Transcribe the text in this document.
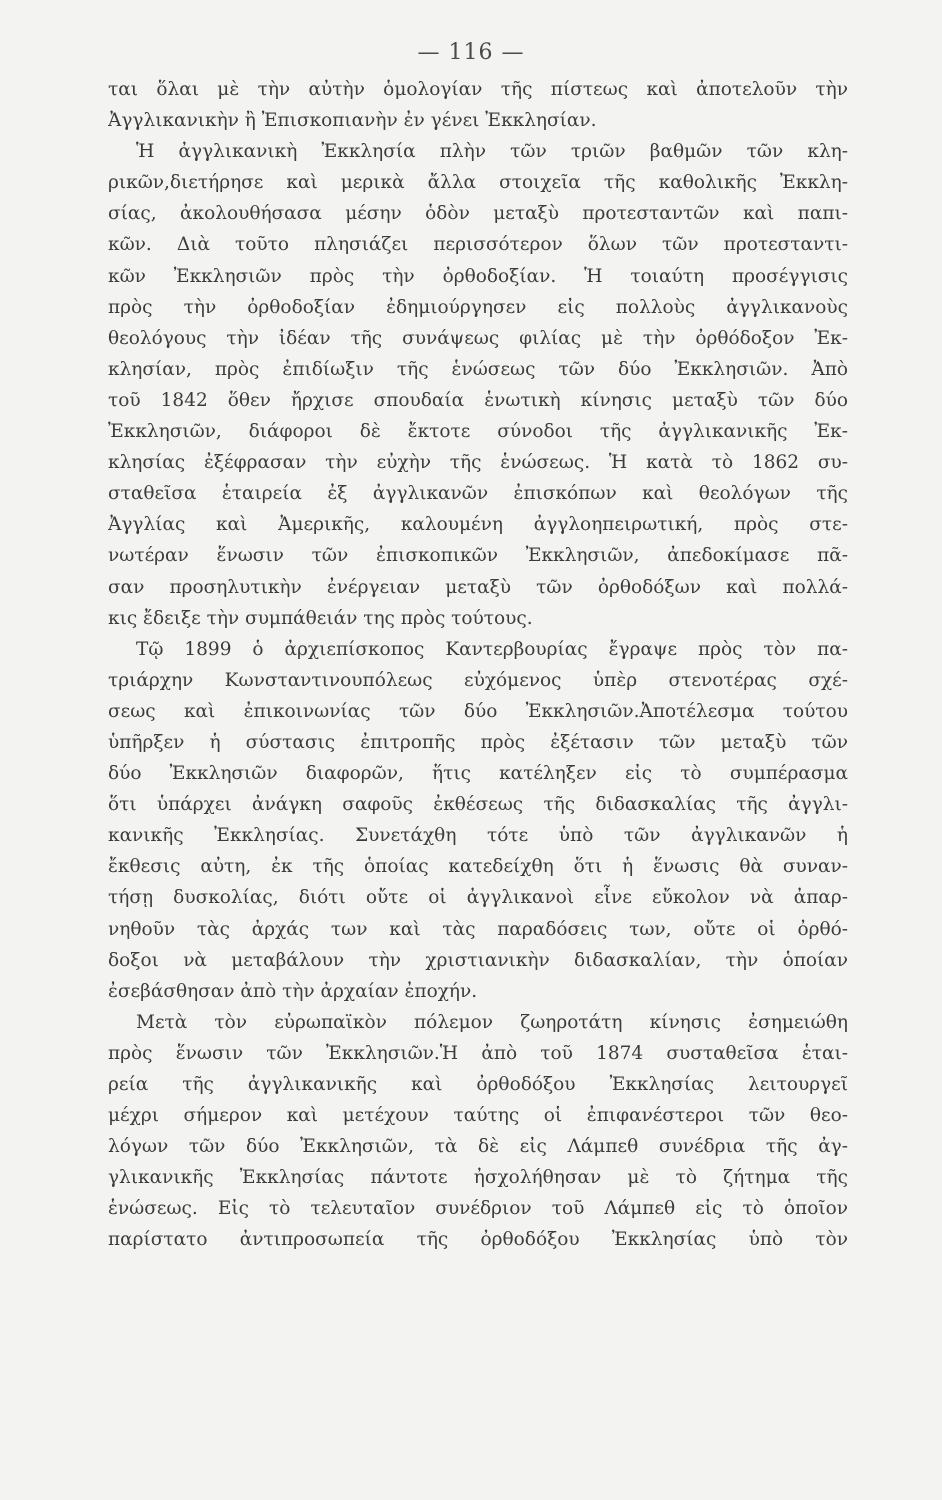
— 116 —
ται ὅλαι μὲ τὴν αὐτὴν ὁμολογίαν τῆς πίστεως καὶ ἀποτελοῦν τὴν
Ἀγγλικανικὴν ἢ Ἐπισκοπιανὴν ἐν γένει Ἐκκλησίαν.
Ἡ ἀγγλικανικὴ Ἐκκλησία πλὴν τῶν τριῶν βαθμῶν τῶν κλη-
ρικῶν,διετήρησε καὶ μερικὰ ἄλλα στοιχεῖα τῆς καθολικῆς Ἐκκλη-
σίας, ἀκολουθήσασα μέσην ὁδὸν μεταξὺ προτεσταντῶν καὶ παπι-
κῶν. Διὰ τοῦτο πλησιάζει περισσότερον ὅλων τῶν προτεσταντι-
κῶν Ἐκκλησιῶν πρὸς τὴν ὀρθοδοξίαν. Ἡ τοιαύτη προσέγγισις
πρὸς τὴν ὀρθοδοξίαν ἐδημιούργησεν εἰς πολλοὺς ἀγγλικανοὺς
θεολόγους τὴν ἰδέαν τῆς συνάψεως φιλίας μὲ τὴν ὀρθόδοξον Ἐκ-
κλησίαν, πρὸς ἐπιδίωξιν τῆς ἑνώσεως τῶν δύο Ἐκκλησιῶν. Ἀπὸ
τοῦ 1842 ὅθεν ἤρχισε σπουδαία ἑνωτικὴ κίνησις μεταξὺ τῶν δύο
Ἐκκλησιῶν, διάφοροι δὲ ἔκτοτε σύνοδοι τῆς ἀγγλικανικῆς Ἐκ-
κλησίας ἐξέφρασαν τὴν εὐχὴν τῆς ἑνώσεως. Ἡ κατὰ τὸ 1862 συ-
σταθεῖσα ἑταιρεία ἐξ ἀγγλικανῶν ἐπισκόπων καὶ θεολόγων τῆς
Ἀγγλίας καὶ Ἀμερικῆς, καλουμένη ἀγγλοηπειρωτική, πρὸς στε-
νωτέραν ἕνωσιν τῶν ἐπισκοπικῶν Ἐκκλησιῶν, ἀπεδοκίμασε πᾶ-
σαν προσηλυτικὴν ἐνέργειαν μεταξὺ τῶν ὀρθοδόξων καὶ πολλά-
κις ἔδειξε τὴν συμπάθειάν της πρὸς τούτους.
Τῷ 1899 ὁ ἀρχιεπίσκοπος Καντερβουρίας ἔγραψε πρὸς τὸν πα-
τριάρχην Κωνσταντινουπόλεως εὐχόμενος ὑπὲρ στενοτέρας σχέ-
σεως καὶ ἐπικοινωνίας τῶν δύο Ἐκκλησιῶν.Ἀποτέλεσμα τούτου
ὑπῆρξεν ἡ σύστασις ἐπιτροπῆς πρὸς ἐξέτασιν τῶν μεταξὺ τῶν
δύο Ἐκκλησιῶν διαφορῶν, ἥτις κατέληξεν εἰς τὸ συμπέρασμα
ὅτι ὑπάρχει ἀνάγκη σαφοῦς ἐκθέσεως τῆς διδασκαλίας τῆς ἀγγλι-
κανικῆς Ἐκκλησίας. Συνετάχθη τότε ὑπὸ τῶν ἀγγλικανῶν ἡ
ἔκθεσις αὐτη, ἐκ τῆς ὁποίας κατεδείχθη ὅτι ἡ ἕνωσις θὰ συναν-
τήσῃ δυσκολίας, διότι οὔτε οἱ ἀγγλικανοὶ εἶνε εὔκολον νὰ ἀπαρ-
νηθοῦν τὰς ἀρχάς των καὶ τὰς παραδόσεις των, οὔτε οἱ ὀρθό-
δοξοι νὰ μεταβάλουν τὴν χριστιανικὴν διδασκαλίαν, τὴν ὁποίαν
ἐσεβάσθησαν ἀπὸ τὴν ἀρχαίαν ἐποχήν.
Μετὰ τὸν εὐρωπαϊκὸν πόλεμον ζωηροτάτη κίνησις ἐσημειώθη
πρὸς ἕνωσιν τῶν Ἐκκλησιῶν.Ἡ ἀπὸ τοῦ 1874 συσταθεῖσα ἑται-
ρεία τῆς ἀγγλικανικῆς καὶ ὀρθοδόξου Ἐκκλησίας λειτουργεῖ
μέχρι σήμερον καὶ μετέχουν ταύτης οἱ ἐπιφανέστεροι τῶν θεο-
λόγων τῶν δύο Ἐκκλησιῶν, τὰ δὲ εἰς Λάμπεθ συνέδρια τῆς ἀγ-
γλικανικῆς Ἐκκλησίας πάντοτε ἠσχολήθησαν μὲ τὸ ζήτημα τῆς
ἑνώσεως. Εἰς τὸ τελευταῖον συνέδριον τοῦ Λάμπεθ εἰς τὸ ὁποῖον
παρίστατο ἀντιπροσωπεία τῆς ὀρθοδόξου Ἐκκλησίας ὑπὸ τὸν
